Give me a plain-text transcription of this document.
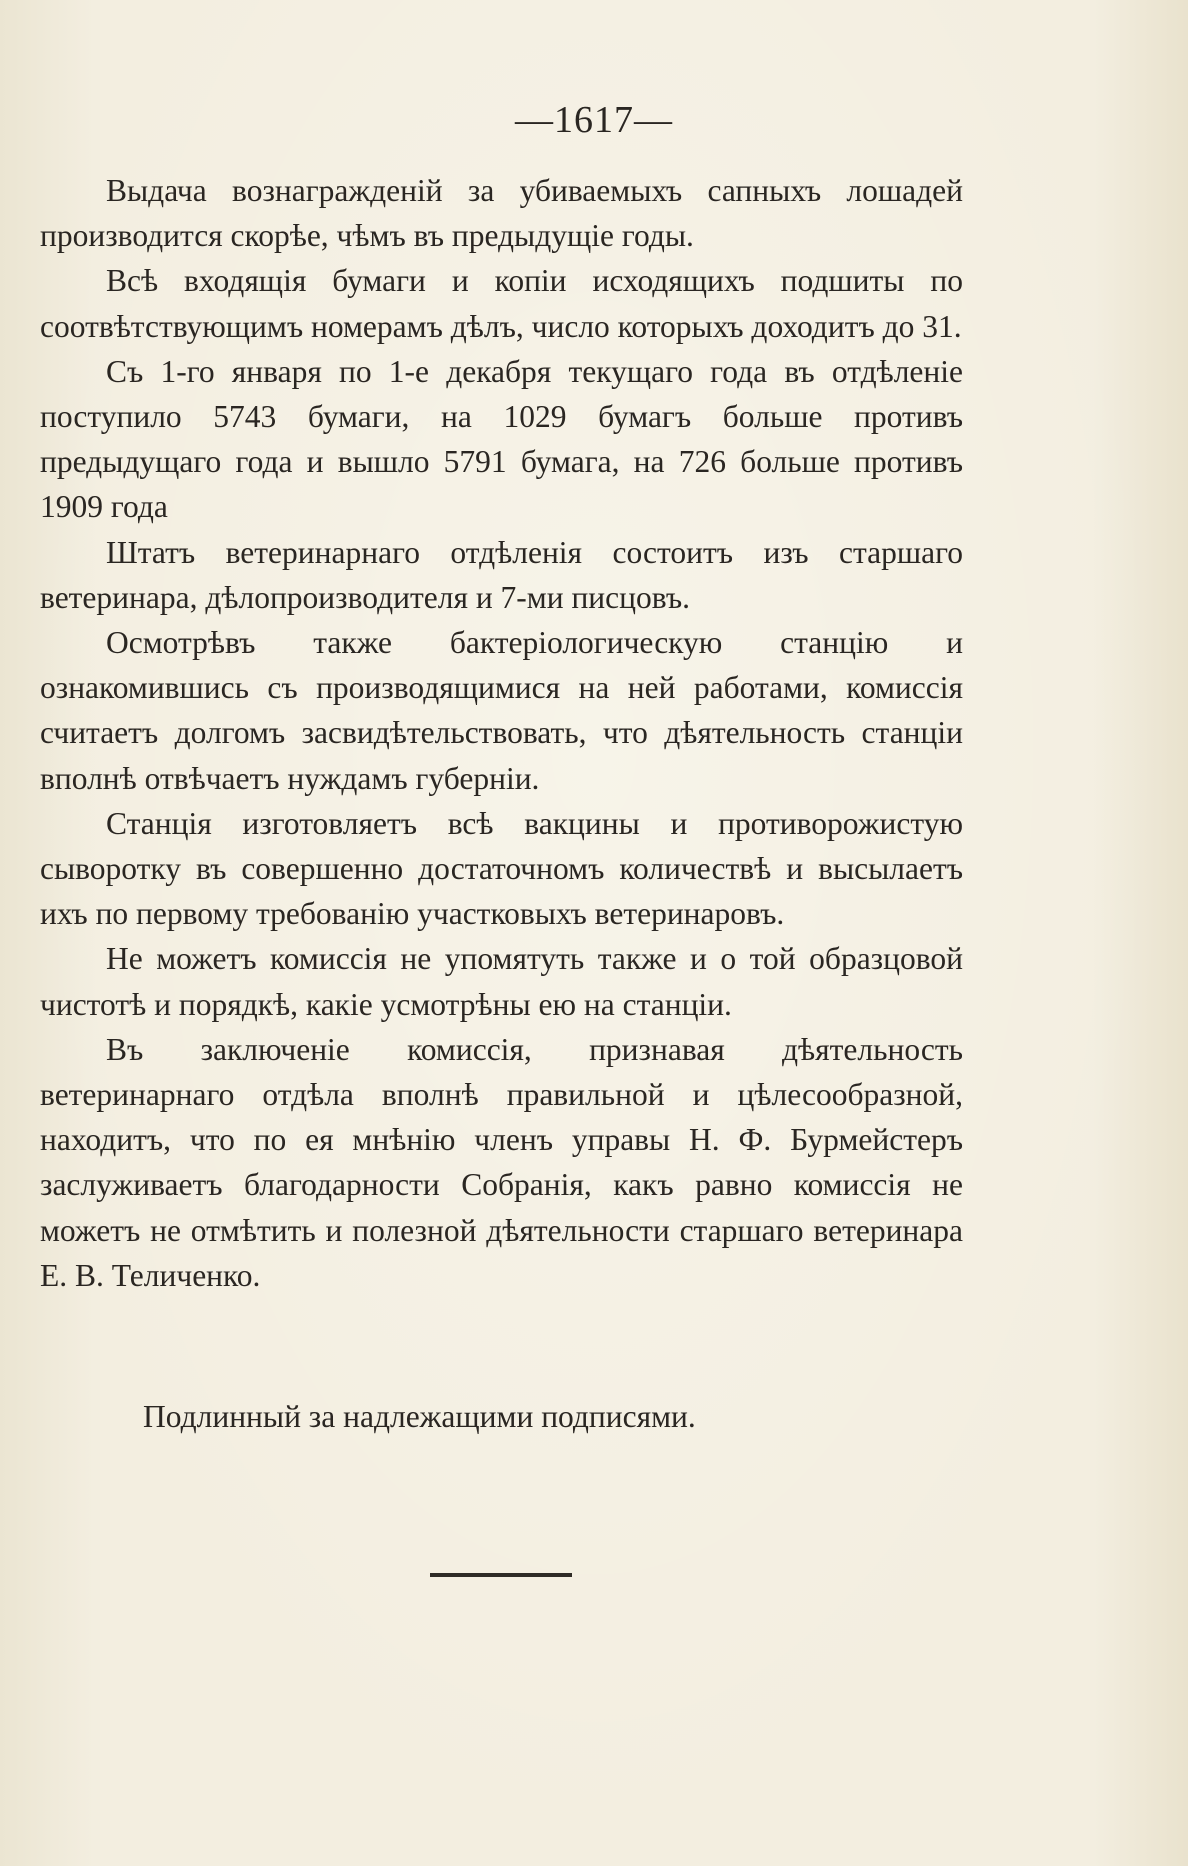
—1617—

Выдача вознагражденій за убиваемыхъ сапныхъ лошадей производится скорѣе, чѣмъ въ предыдущіе годы.

Всѣ входящія бумаги и копіи исходящихъ подшиты по соотвѣтствующимъ номерамъ дѣлъ, число которыхъ доходитъ до 31.

Съ 1-го января по 1-е декабря текущаго года въ отдѣленіе поступило 5743 бумаги, на 1029 бумагъ больше противъ предыдущаго года и вышло 5791 бумага, на 726 больше противъ 1909 года

Штатъ ветеринарнаго отдѣленія состоитъ изъ старшаго ветеринара, дѣлопроизводителя и 7-ми писцовъ.

Осмотрѣвъ также бактеріологическую станцію и ознакомившись съ производящимися на ней работами, комиссія считаетъ долгомъ засвидѣтельствовать, что дѣятельность станціи вполнѣ отвѣчаетъ нуждамъ губерніи.

Станція изготовляетъ всѣ вакцины и противорожистую сыворотку въ совершенно достаточномъ количествѣ и высылаетъ ихъ по первому требованію участковыхъ ветеринаровъ.

Не можетъ комиссія не упомятуть также и о той образцовой чистотѣ и порядкѣ, какіе усмотрѣны ею на станціи.

Въ заключеніе комиссія, признавая дѣятельность ветеринарнаго отдѣла вполнѣ правильной и цѣлесообразной, находитъ, что по ея мнѣнію членъ управы Н. Ф. Бурмейстеръ заслуживаетъ благодарности Собранія, какъ равно комиссія не можетъ не отмѣтить и полезной дѣятельности старшаго ветеринара Е. В. Теличенко.

Подлинный за надлежащими подписями.
